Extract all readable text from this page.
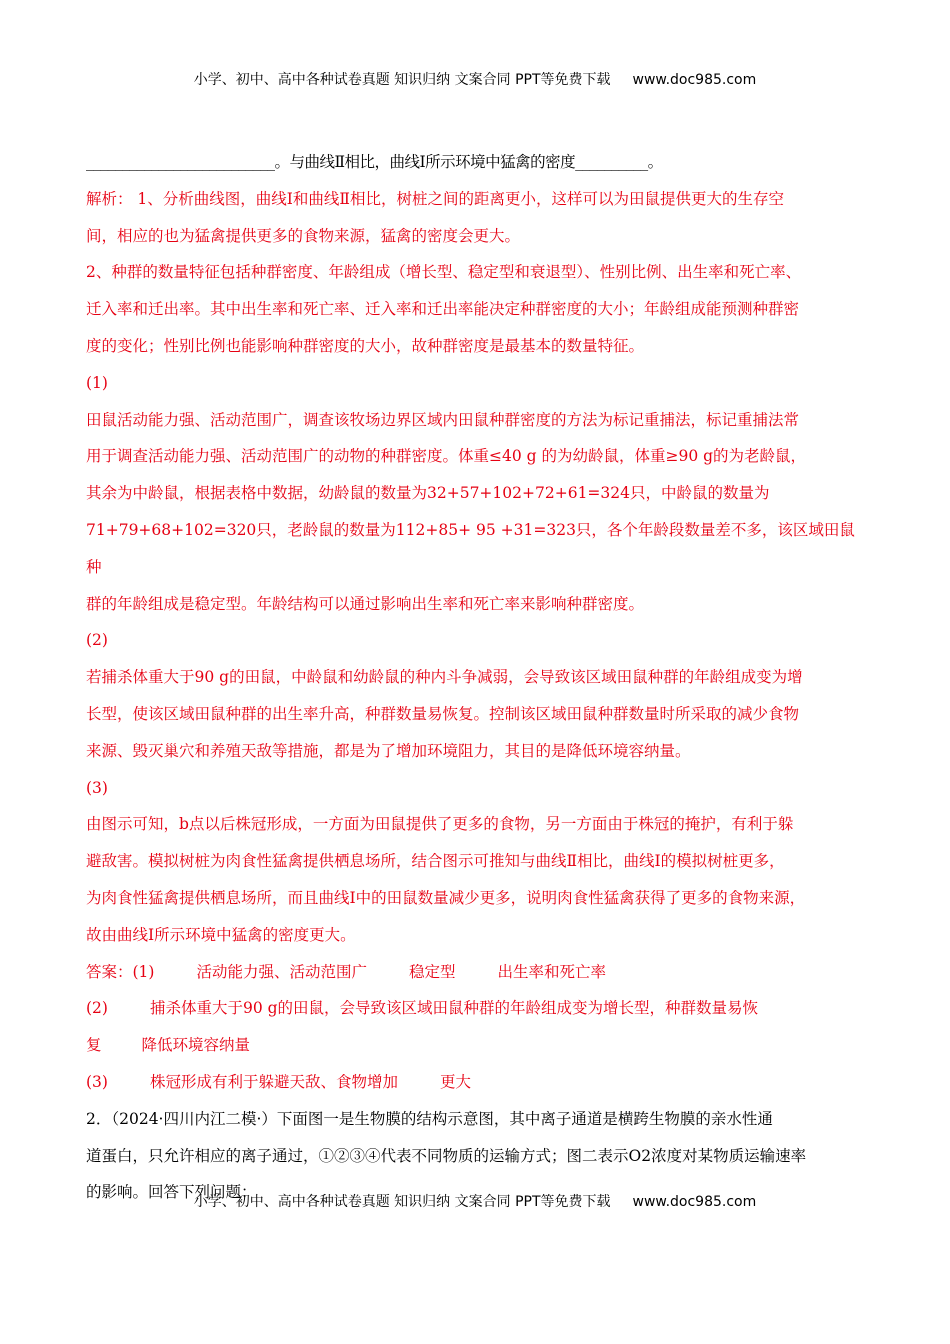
小学、初中、高中各种试卷真题 知识归纳 文案合同 PPT等免费下载 www.doc985.com

__________________________。与曲线Ⅱ相比，曲线Ⅰ所示环境中猛禽的密度__________。

解析： 1、分析曲线图，曲线Ⅰ和曲线Ⅱ相比，树桩之间的距离更小，这样可以为田鼠提供更大的生存空

间，相应的也为猛禽提供更多的食物来源，猛禽的密度会更大。

2、种群的数量特征包括种群密度、年龄组成（增长型、稳定型和衰退型）、性别比例、出生率和死亡率、

迁入率和迁出率。其中出生率和死亡率、迁入率和迁出率能决定种群密度的大小；年龄组成能预测种群密

度的变化；性别比例也能影响种群密度的大小，故种群密度是最基本的数量特征。

(1)

田鼠活动能力强、活动范围广，调查该牧场边界区域内田鼠种群密度的方法为标记重捕法，标记重捕法常

用于调查活动能力强、活动范围广的动物的种群密度。体重≤40 g 的为幼龄鼠，体重≥90 g的为老龄鼠，

其余为中龄鼠，根据表格中数据，幼龄鼠的数量为32+57+102+72+61=324只，中龄鼠的数量为

71+79+68+102=320只，老龄鼠的数量为112+85+ 95 +31=323只，各个年龄段数量差不多，该区域田鼠种

群的年龄组成是稳定型。年龄结构可以通过影响出生率和死亡率来影响种群密度。

(2)

若捕杀体重大于90 g的田鼠，中龄鼠和幼龄鼠的种内斗争减弱，会导致该区域田鼠种群的年龄组成变为增

长型，使该区域田鼠种群的出生率升高，种群数量易恢复。控制该区域田鼠种群数量时所采取的减少食物

来源、毁灭巢穴和养殖天敌等措施，都是为了增加环境阻力，其目的是降低环境容纳量。

(3)

由图示可知，b点以后株冠形成，一方面为田鼠提供了更多的食物，另一方面由于株冠的掩护，有利于躲

避敌害。模拟树桩为肉食性猛禽提供栖息场所，结合图示可推知与曲线Ⅱ相比，曲线Ⅰ的模拟树桩更多，

为肉食性猛禽提供栖息场所，而且曲线Ⅰ中的田鼠数量减少更多，说明肉食性猛禽获得了更多的食物来源，

故由曲线Ⅰ所示环境中猛禽的密度更大。

答案：(1)	活动能力强、活动范围广	稳定型	出生率和死亡率

(2)	捕杀体重大于90 g的田鼠，会导致该区域田鼠种群的年龄组成变为增长型，种群数量易恢

复	降低环境容纳量

(3)	株冠形成有利于躲避天敌、食物增加	更大

2．（2024·四川内江二模·）下面图一是生物膜的结构示意图，其中离子通道是横跨生物膜的亲水性通

道蛋白，只允许相应的离子通过，①②③④代表不同物质的运输方式；图二表示O2浓度对某物质运输速率

的影响。回答下列问题：

小学、初中、高中各种试卷真题 知识归纳 文案合同 PPT等免费下载 www.doc985.com
